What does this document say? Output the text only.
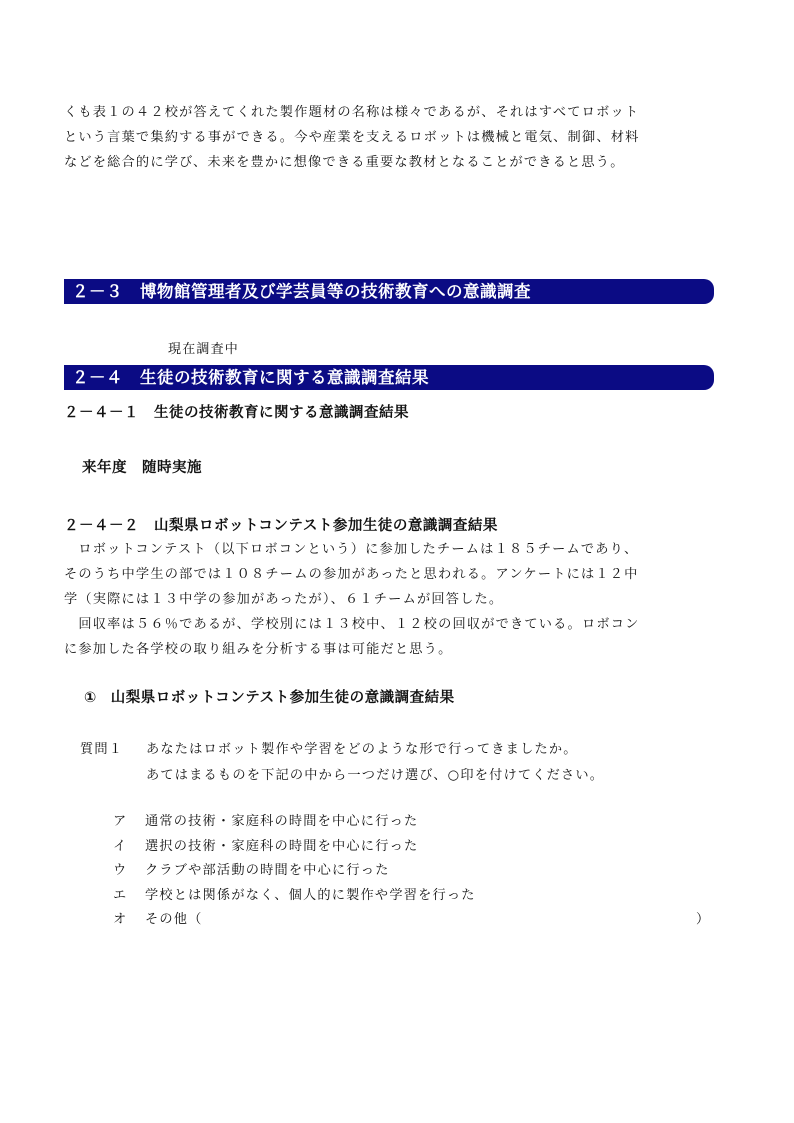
くも表１の４２校が答えてくれた製作題材の名称は様々であるが、それはすべてロボット

という言葉で集約する事ができる。今や産業を支えるロボットは機械と電気、制御、材料

などを総合的に学び、未来を豊かに想像できる重要な教材となることができると思う。

２－３　博物館管理者及び学芸員等の技術教育への意識調査
現在調査中
２－４　生徒の技術教育に関する意識調査結果
２－４－１　生徒の技術教育に関する意識調査結果
来年度　随時実施
２－４－２　山梨県ロボットコンテスト参加生徒の意識調査結果

　ロボットコンテスト（以下ロボコンという）に参加したチームは１８５チームであり、

そのうち中学生の部では１０８チームの参加があったと思われる。アンケートには１２中

学（実際には１３中学の参加があったが）、６１チームが回答した。

　回収率は５６％であるが、学校別には１３校中、１２校の回収ができている。ロボコン

に参加した各学校の取り組みを分析する事は可能だと思う。

① 山梨県ロボットコンテスト参加生徒の意識調査結果
質問１ あなたはロボット製作や学習をどのような形で行ってきましたか。
あてはまるものを下記の中から一つだけ選び、○印を付けてください。
ア 通常の技術・家庭科の時間を中心に行った
イ 選択の技術・家庭科の時間を中心に行った
ウ クラブや部活動の時間を中心に行った
エ 学校とは関係がなく、個人的に製作や学習を行った
オ その他（	）
